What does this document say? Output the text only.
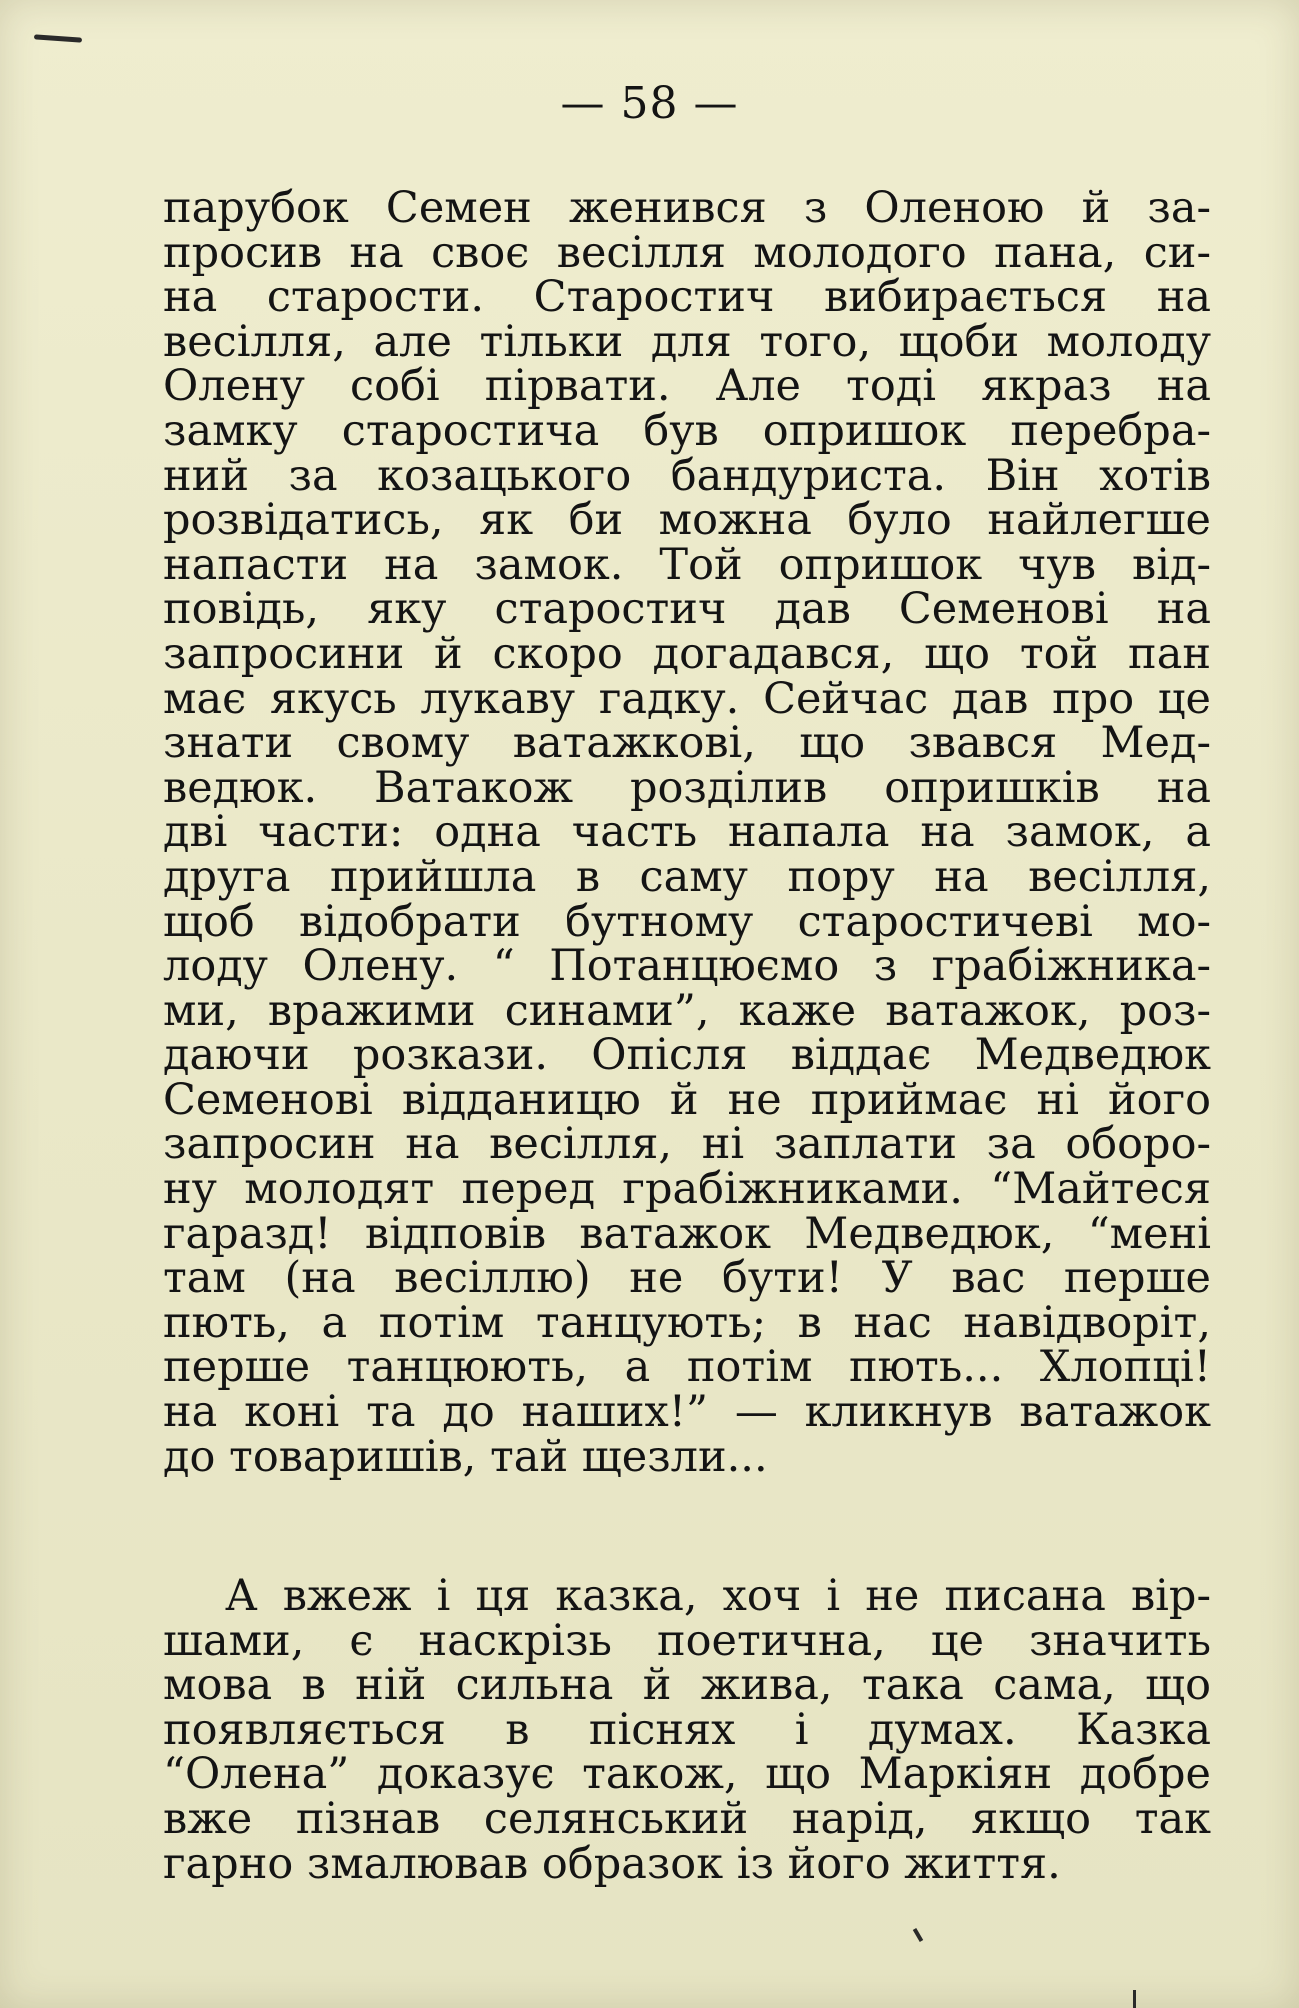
— 58 —
парубок Семен женився з Оленою й за-
просив на своє весілля молодого пана, си-
на старости. Старостич вибирається на
весілля, але тільки для того, щоби молоду
Олену собі пірвати. Але тоді якраз на
замку старостича був опришок перебра-
ний за козацького бандуриста. Він хотів
розвідатись, як би можна було найлегше
напасти на замок. Той опришок чув від-
повідь, яку старостич дав Семенові на
запросини й скоро догадався, що той пан
має якусь лукаву гадку. Сейчас дав про це
знати свому ватажкові, що звався Мед-
ведюк. Ватакож розділив опришків на
дві части: одна часть напала на замок, а
друга прийшла в саму пору на весілля,
щоб відобрати бутному старостичеві мо-
лоду Олену. “ Потанцюємо з грабіжника-
ми, вражими синами”, каже ватажок, роз-
даючи розкази. Опісля віддає Медведюк
Семенові відданицю й не приймає ні його
запросин на весілля, ні заплати за оборо-
ну молодят перед грабіжниками. “Майтеся
гаразд! відповів ватажок Медведюк, “мені
там (на весіллю) не бути! У вас перше
пють, а потім танцують; в нас навідворіт,
перше танцюють, а потім пють... Хлопці!
на коні та до наших!” — кликнув ватажок
до товаришів, тай щезли...
А вжеж і ця казка, хоч і не писана вір-
шами, є наскрізь поетична, це значить
мова в ній сильна й жива, така сама, що
появляється в піснях і думах. Казка
“Олена” доказує також, що Маркіян добре
вже пізнав селянський нарід, якщо так
гарно змалював образок із його життя.
